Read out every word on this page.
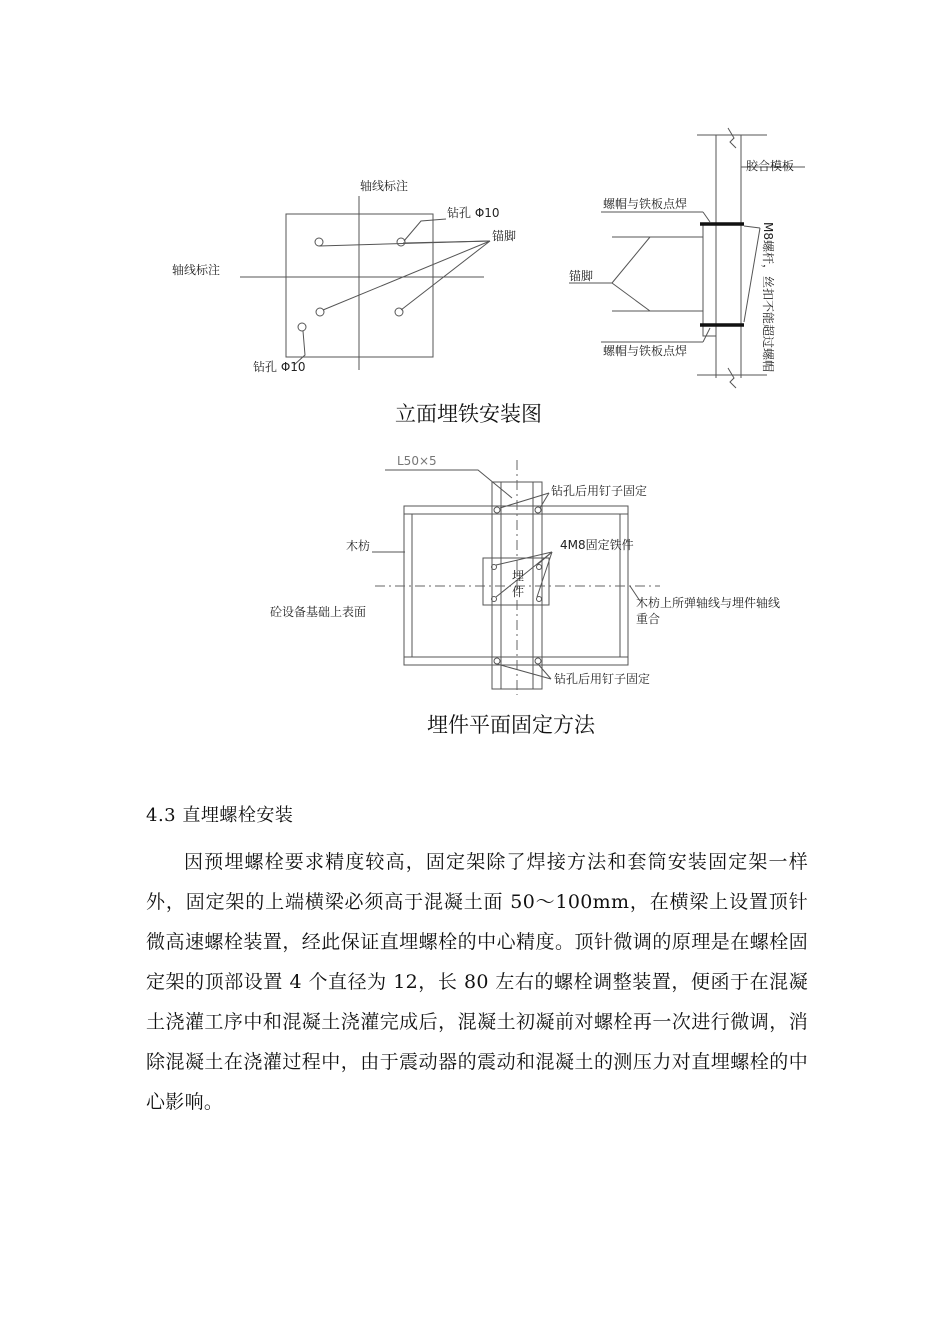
轴线标注
轴线标注
钻孔 Φ10
锚脚
钻孔 Φ10
胶合模板
螺帽与铁板点焊
锚脚
螺帽与铁板点焊	M8螺杆，丝扣不能超过螺帽
立面埋铁安装图
L50×5
钻孔后用钉子固定
木枋	4M8固定铁件
埋
件
砼设备基础上表面
木枋上所弹轴线与埋件轴线
重合
钻孔后用钉子固定
埋件平面固定方法
4.3 直埋螺栓安装
因预埋螺栓要求精度较高，固定架除了焊接方法和套筒安装固定架一样外，固定架的上端横梁必须高于混凝土面 50～100mm，在横梁上设置顶针微高速螺栓装置，经此保证直埋螺栓的中心精度。顶针微调的原理是在螺栓固定架的顶部设置 4 个直径为 12，长 80 左右的螺栓调整装置，便函于在混凝土浇灌工序中和混凝土浇灌完成后，混凝土初凝前对螺栓再一次进行微调，消除混凝土在浇灌过程中，由于震动器的震动和混凝土的测压力对直埋螺栓的中心影响。
